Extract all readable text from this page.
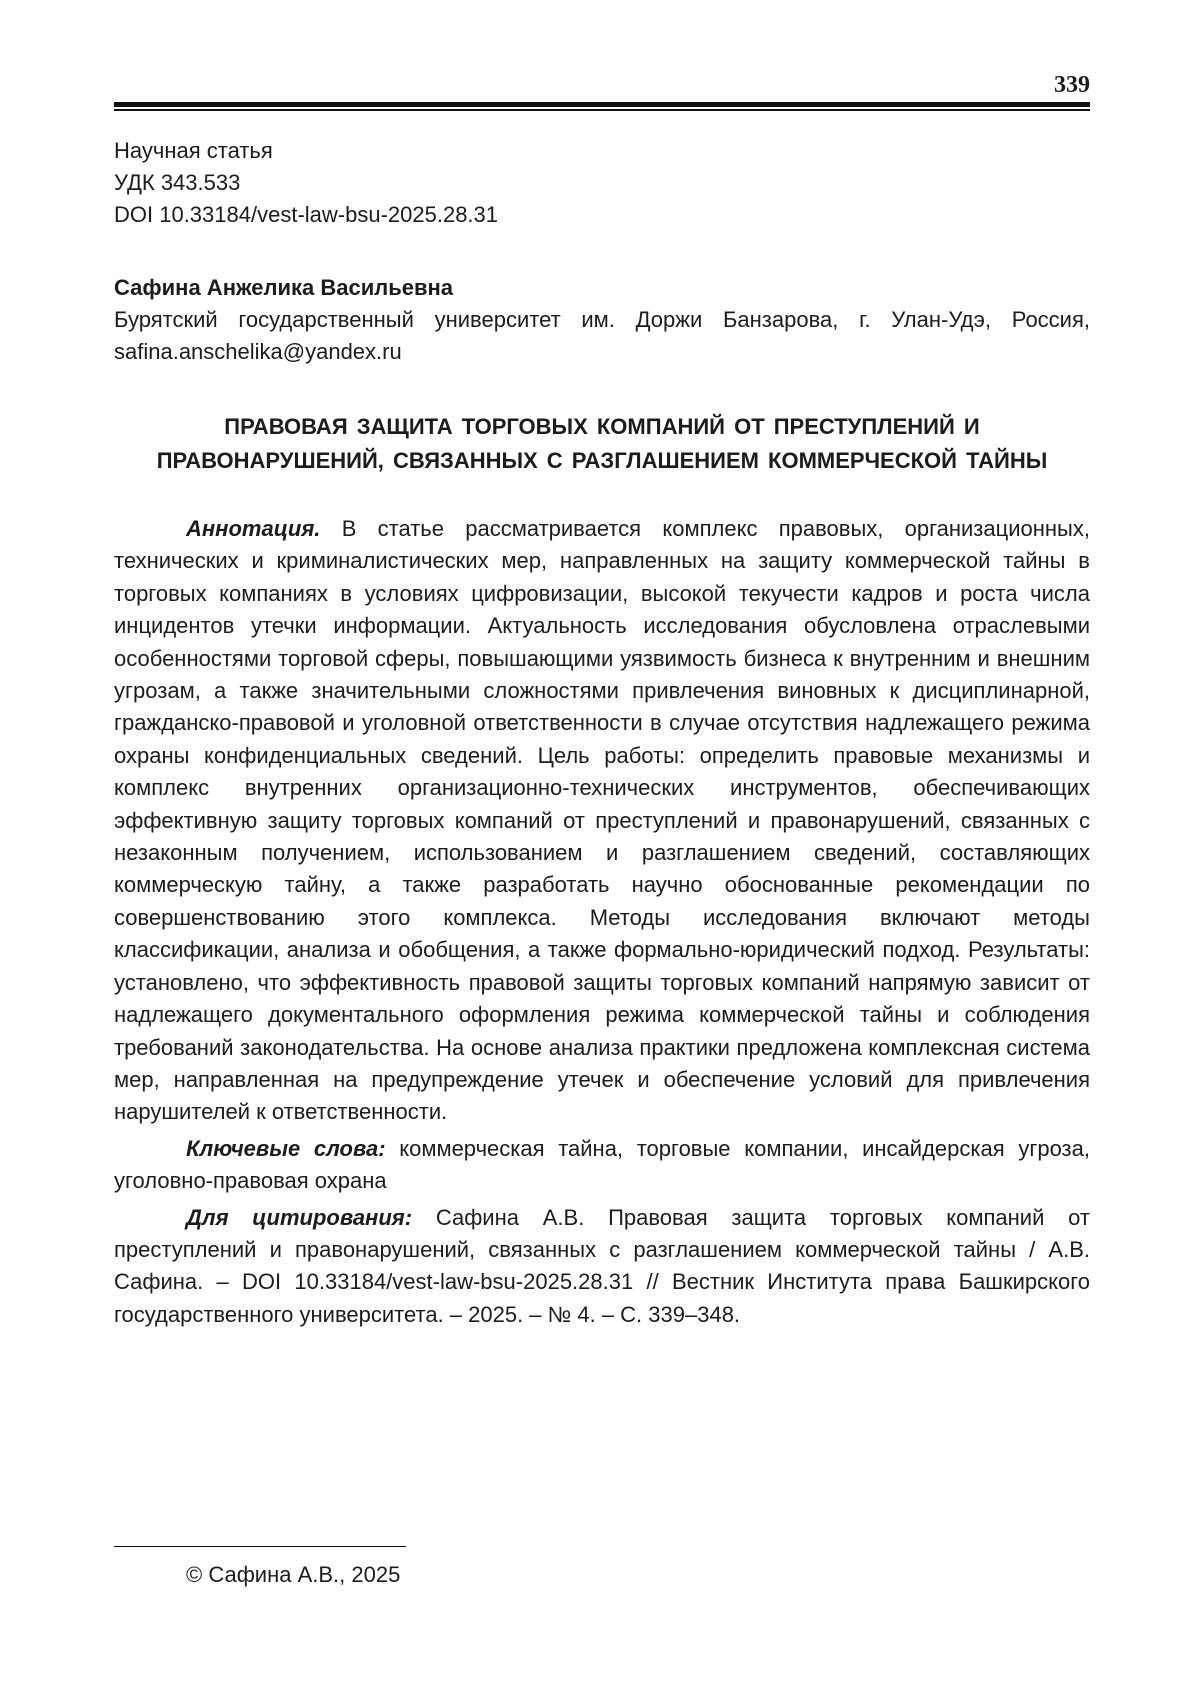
339
Научная статья
УДК 343.533
DOI 10.33184/vest-law-bsu-2025.28.31
Сафина Анжелика Васильевна
Бурятский государственный университет им. Доржи Банзарова, г. Улан-Удэ, Россия, safina.anschelika@yandex.ru
ПРАВОВАЯ ЗАЩИТА ТОРГОВЫХ КОМПАНИЙ ОТ ПРЕСТУПЛЕНИЙ И
ПРАВОНАРУШЕНИЙ, СВЯЗАННЫХ С РАЗГЛАШЕНИЕМ КОММЕРЧЕСКОЙ ТАЙНЫ

Аннотация. В статье рассматривается комплекс правовых, организационных, технических и криминалистических мер, направленных на защиту коммерческой тайны в торговых компаниях в условиях цифровизации, высокой текучести кадров и роста числа инцидентов утечки информации. Актуальность исследования обусловлена отраслевыми особенностями торговой сферы, повышающими уязвимость бизнеса к внутренним и внешним угрозам, а также значительными сложностями привлечения виновных к дисциплинарной, гражданско-правовой и уголовной ответственности в случае отсутствия надлежащего режима охраны конфиденциальных сведений. Цель работы: определить правовые механизмы и комплекс внутренних организационно-технических инструментов, обеспечивающих эффективную защиту торговых компаний от преступлений и правонарушений, связанных с незаконным получением, использованием и разглашением сведений, составляющих коммерческую тайну, а также разработать научно обоснованные рекомендации по совершенствованию этого комплекса. Методы исследования включают методы классификации, анализа и обобщения, а также формально-юридический подход. Результаты: установлено, что эффективность правовой защиты торговых компаний напрямую зависит от надлежащего документального оформления режима коммерческой тайны и соблюдения требований законодательства. На основе анализа практики предложена комплексная система мер, направленная на предупреждение утечек и обеспечение условий для привлечения нарушителей к ответственности.

Ключевые слова: коммерческая тайна, торговые компании, инсайдерская угроза, уголовно-правовая охрана

Для цитирования: Сафина А.В. Правовая защита торговых компаний от преступлений и правонарушений, связанных с разглашением коммерческой тайны / А.В. Сафина. – DOI 10.33184/vest-law-bsu-2025.28.31 // Вестник Института права Башкирского государственного университета. – 2025. – № 4. – С. 339–348.

© Сафина А.В., 2025
